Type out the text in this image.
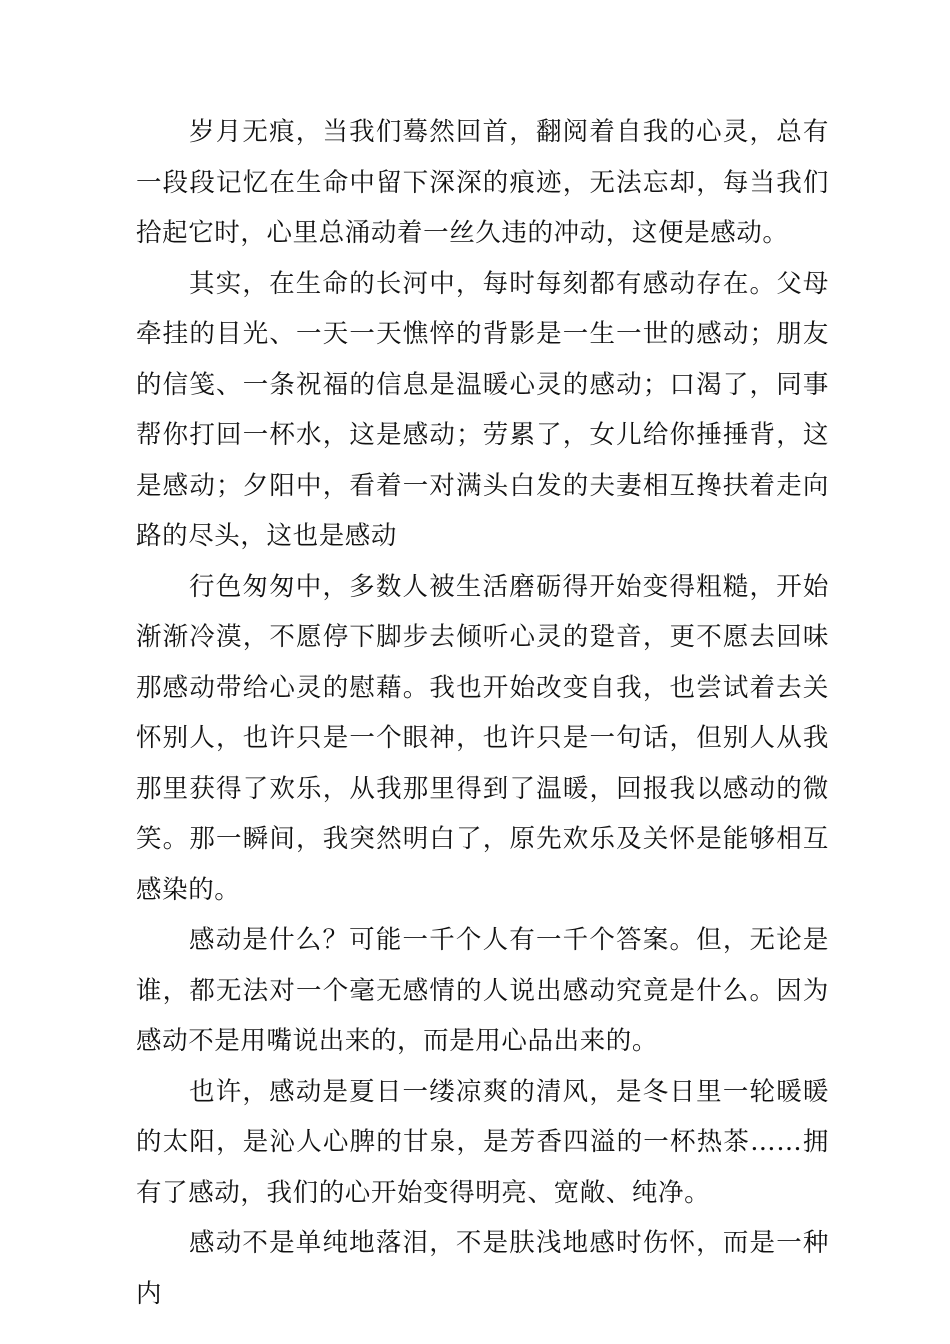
岁月无痕，当我们蓦然回首，翻阅着自我的心灵，总有一段段记忆在生命中留下深深的痕迹，无法忘却，每当我们拾起它时，心里总涌动着一丝久违的冲动，这便是感动。

其实，在生命的长河中，每时每刻都有感动存在。父母牵挂的目光、一天一天憔悴的背影是一生一世的感动；朋友的信笺、一条祝福的信息是温暖心灵的感动；口渴了，同事帮你打回一杯水，这是感动；劳累了，女儿给你捶捶背，这是感动；夕阳中，看着一对满头白发的夫妻相互搀扶着走向路的尽头，这也是感动

行色匆匆中，多数人被生活磨砺得开始变得粗糙，开始渐渐冷漠，不愿停下脚步去倾听心灵的跫音，更不愿去回味那感动带给心灵的慰藉。我也开始改变自我，也尝试着去关怀别人，也许只是一个眼神，也许只是一句话，但别人从我那里获得了欢乐，从我那里得到了温暖，回报我以感动的微笑。那一瞬间，我突然明白了，原先欢乐及关怀是能够相互感染的。

感动是什么？可能一千个人有一千个答案。但，无论是谁，都无法对一个毫无感情的人说出感动究竟是什么。因为感动不是用嘴说出来的，而是用心品出来的。

也许，感动是夏日一缕凉爽的清风，是冬日里一轮暖暖的太阳，是沁人心脾的甘泉，是芳香四溢的一杯热茶……拥有了感动，我们的心开始变得明亮、宽敞、纯净。

感动不是单纯地落泪，不是肤浅地感时伤怀，而是一种内
